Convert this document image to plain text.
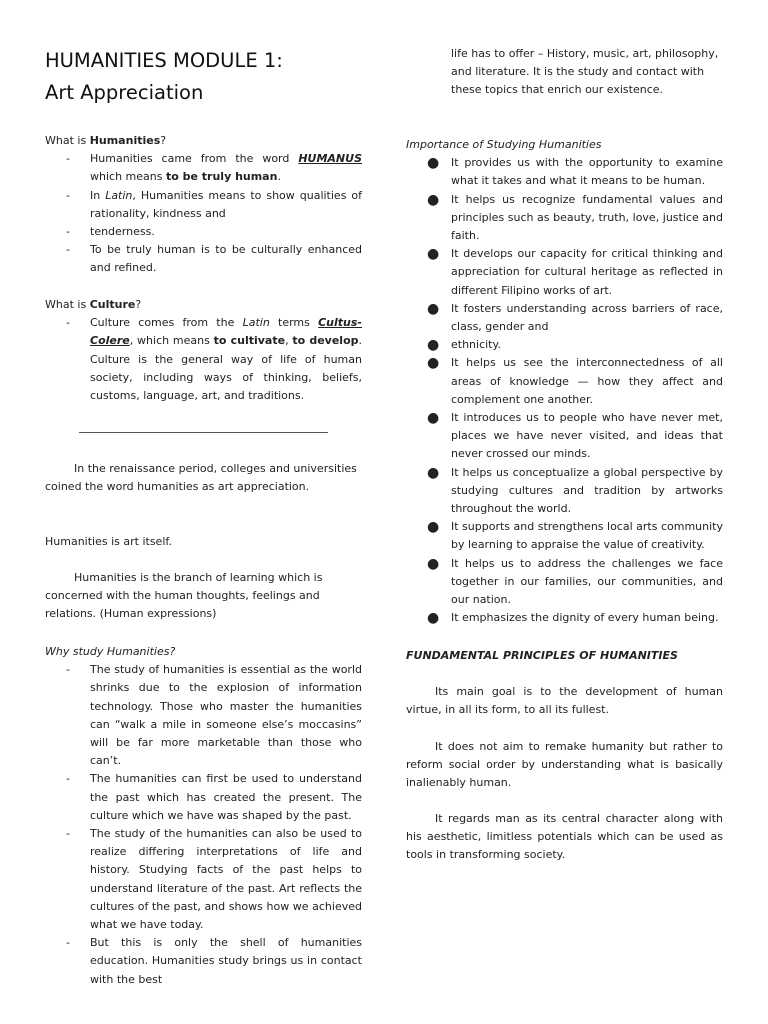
HUMANITIES MODULE 1:
Art Appreciation

What is Humanities?

- Humanities came from the word HUMANUS which means to be truly human.
- In Latin, Humanities means to show qualities of rationality, kindness and
- tenderness.
- To be truly human is to be culturally enhanced and refined.

What is Culture?

- Culture comes from the Latin terms Cultus-Colere, which means to cultivate, to develop. Culture is the general way of life of human society, including ways of thinking, beliefs, customs, language, art, and traditions.

In the renaissance period, colleges and universities coined the word humanities as art appreciation.

Humanities is art itself.

Humanities is the branch of learning which is concerned with the human thoughts, feelings and relations. (Human expressions)

Why study Humanities?

- The study of humanities is essential as the world shrinks due to the explosion of information technology. Those who master the humanities can “walk a mile in someone else’s moccasins” will be far more marketable than those who can’t.
- The humanities can first be used to understand the past which has created the present. The culture which we have was shaped by the past.
- The study of the humanities can also be used to realize differing interpretations of life and history. Studying facts of the past helps to understand literature of the past. Art reflects the cultures of the past, and shows how we achieved what we have today.
- But this is only the shell of humanities education. Humanities study brings us in contact with the best

life has to offer – History, music, art, philosophy, and literature. It is the study and contact with these topics that enrich our existence.

Importance of Studying Humanities

● It provides us with the opportunity to examine what it takes and what it means to be human.
● It helps us recognize fundamental values and principles such as beauty, truth, love, justice and faith.
● It develops our capacity for critical thinking and appreciation for cultural heritage as reflected in different Filipino works of art.
● It fosters understanding across barriers of race, class, gender and
● ethnicity.
● It helps us see the interconnectedness of all areas of knowledge — how they affect and complement one another.
● It introduces us to people who have never met, places we have never visited, and ideas that never crossed our minds.
● It helps us conceptualize a global perspective by studying cultures and tradition by artworks throughout the world.
● It supports and strengthens local arts community by learning to appraise the value of creativity.
● It helps us to address the challenges we face together in our families, our communities, and our nation.
● It emphasizes the dignity of every human being.

FUNDAMENTAL PRINCIPLES OF HUMANITIES

Its main goal is to the development of human virtue, in all its form, to all its fullest.

It does not aim to remake humanity but rather to reform social order by understanding what is basically inalienably human.

It regards man as its central character along with his aesthetic, limitless potentials which can be used as tools in transforming society.
